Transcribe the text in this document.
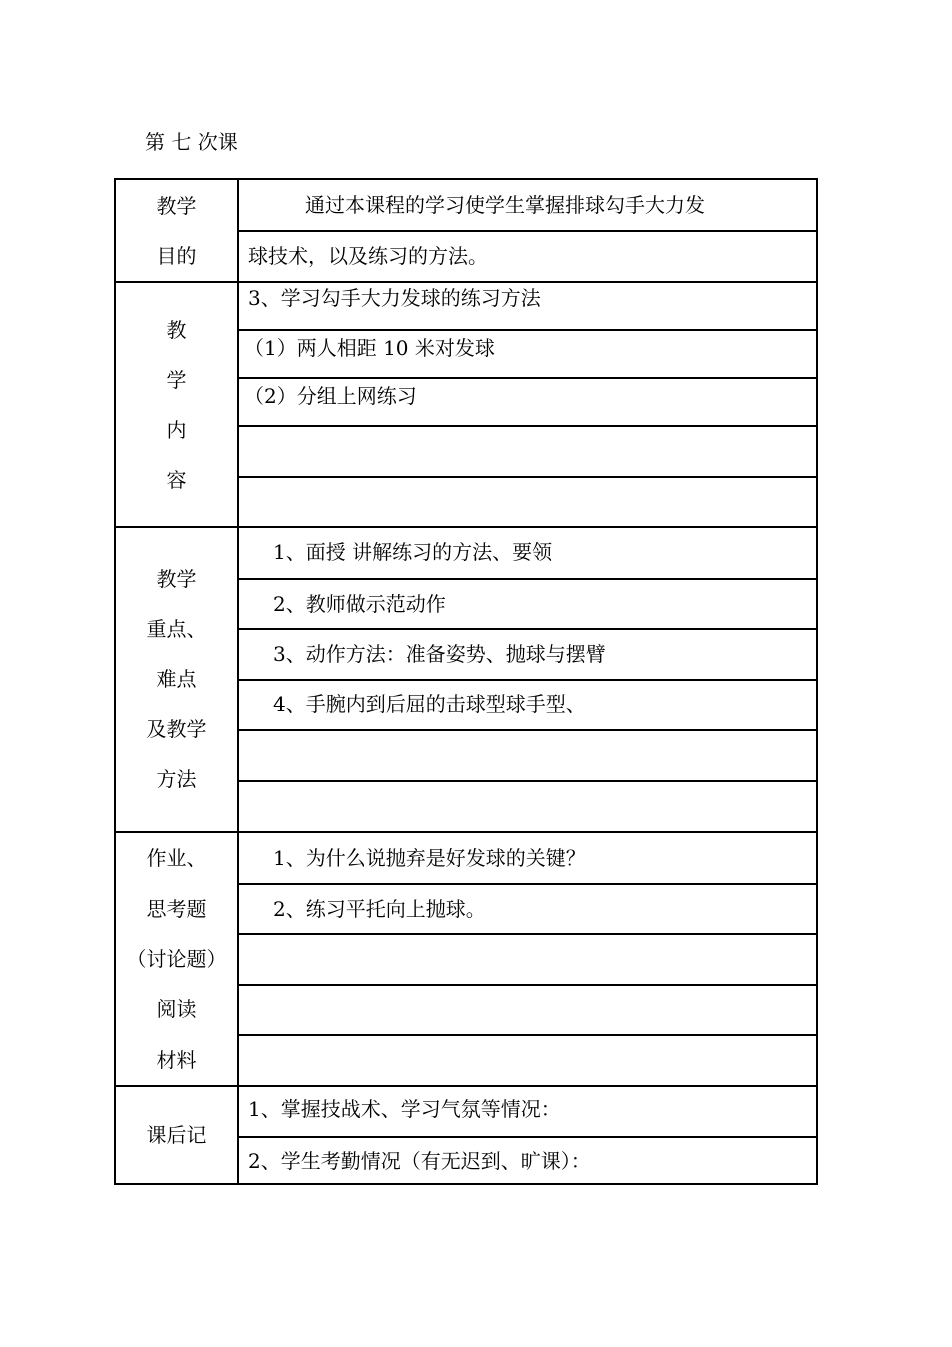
第 七 次课
教学
目的
通过本课程的学习使学生掌握排球勾手大力发
球技术，以及练习的方法。
教
学
内
容
3、学习勾手大力发球的练习方法
（1）两人相距 10 米对发球
（2）分组上网练习
教学
重点、
难点
及教学
方法
1、面授 讲解练习的方法、要领
2、教师做示范动作
3、动作方法：准备姿势、抛球与摆臂
4、手腕内到后屈的击球型球手型、
作业、
思考题
（讨论题）
阅读
材料
1、为什么说抛弃是好发球的关键？
2、练习平托向上抛球。
课后记
1、掌握技战术、学习气氛等情况：
2、学生考勤情况（有无迟到、旷课）：
